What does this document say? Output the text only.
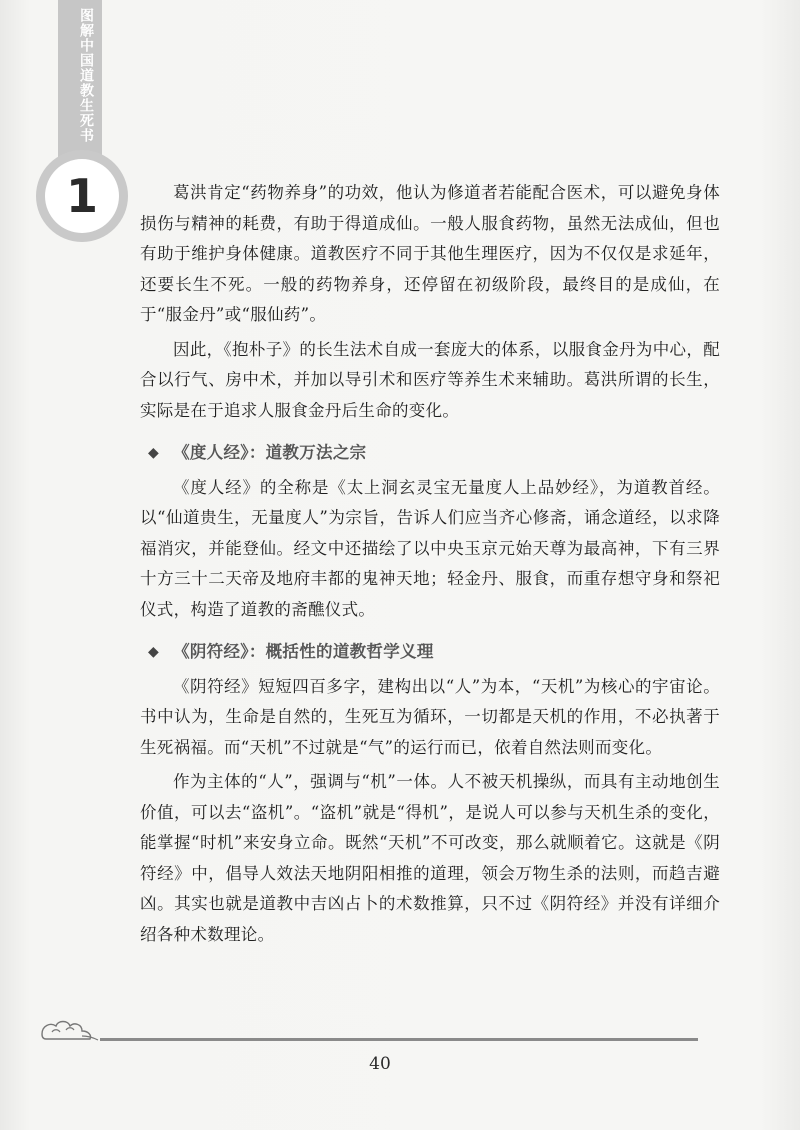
图解中国道教生死书
1	葛洪肯定“药物养身”的功效，他认为修道者若能配合医术，可以避免身体损伤与精神的耗费，有助于得道成仙。一般人服食药物，虽然无法成仙，但也有助于维护身体健康。道教医疗不同于其他生理医疗，因为不仅仅是求延年，还要长生不死。一般的药物养身，还停留在初级阶段，最终目的是成仙，在于“服金丹”或“服仙药”。

因此，《抱朴子》的长生法术自成一套庞大的体系，以服食金丹为中心，配合以行气、房中术，并加以导引术和医疗等养生术来辅助。葛洪所谓的长生，实际是在于追求人服食金丹后生命的变化。

◆ 《度人经》：道教万法之宗

《度人经》的全称是《太上洞玄灵宝无量度人上品妙经》，为道教首经。以“仙道贵生，无量度人”为宗旨，告诉人们应当齐心修斋，诵念道经，以求降福消灾，并能登仙。经文中还描绘了以中央玉京元始天尊为最高神，下有三界十方三十二天帝及地府丰都的鬼神天地；轻金丹、服食，而重存想守身和祭祀仪式，构造了道教的斋醮仪式。

◆ 《阴符经》：概括性的道教哲学义理

《阴符经》短短四百多字，建构出以“人”为本，“天机”为核心的宇宙论。书中认为，生命是自然的，生死互为循环，一切都是天机的作用，不必执著于生死祸福。而“天机”不过就是“气”的运行而已，依着自然法则而变化。

作为主体的“人”，强调与“机”一体。人不被天机操纵，而具有主动地创生价值，可以去“盗机”。“盗机”就是“得机”，是说人可以参与天机生杀的变化，能掌握“时机”来安身立命。既然“天机”不可改变，那么就顺着它。这就是《阴符经》中，倡导人效法天地阴阳相推的道理，领会万物生杀的法则，而趋吉避凶。其实也就是道教中吉凶占卜的术数推算，只不过《阴符经》并没有详细介绍各种术数理论。

40
